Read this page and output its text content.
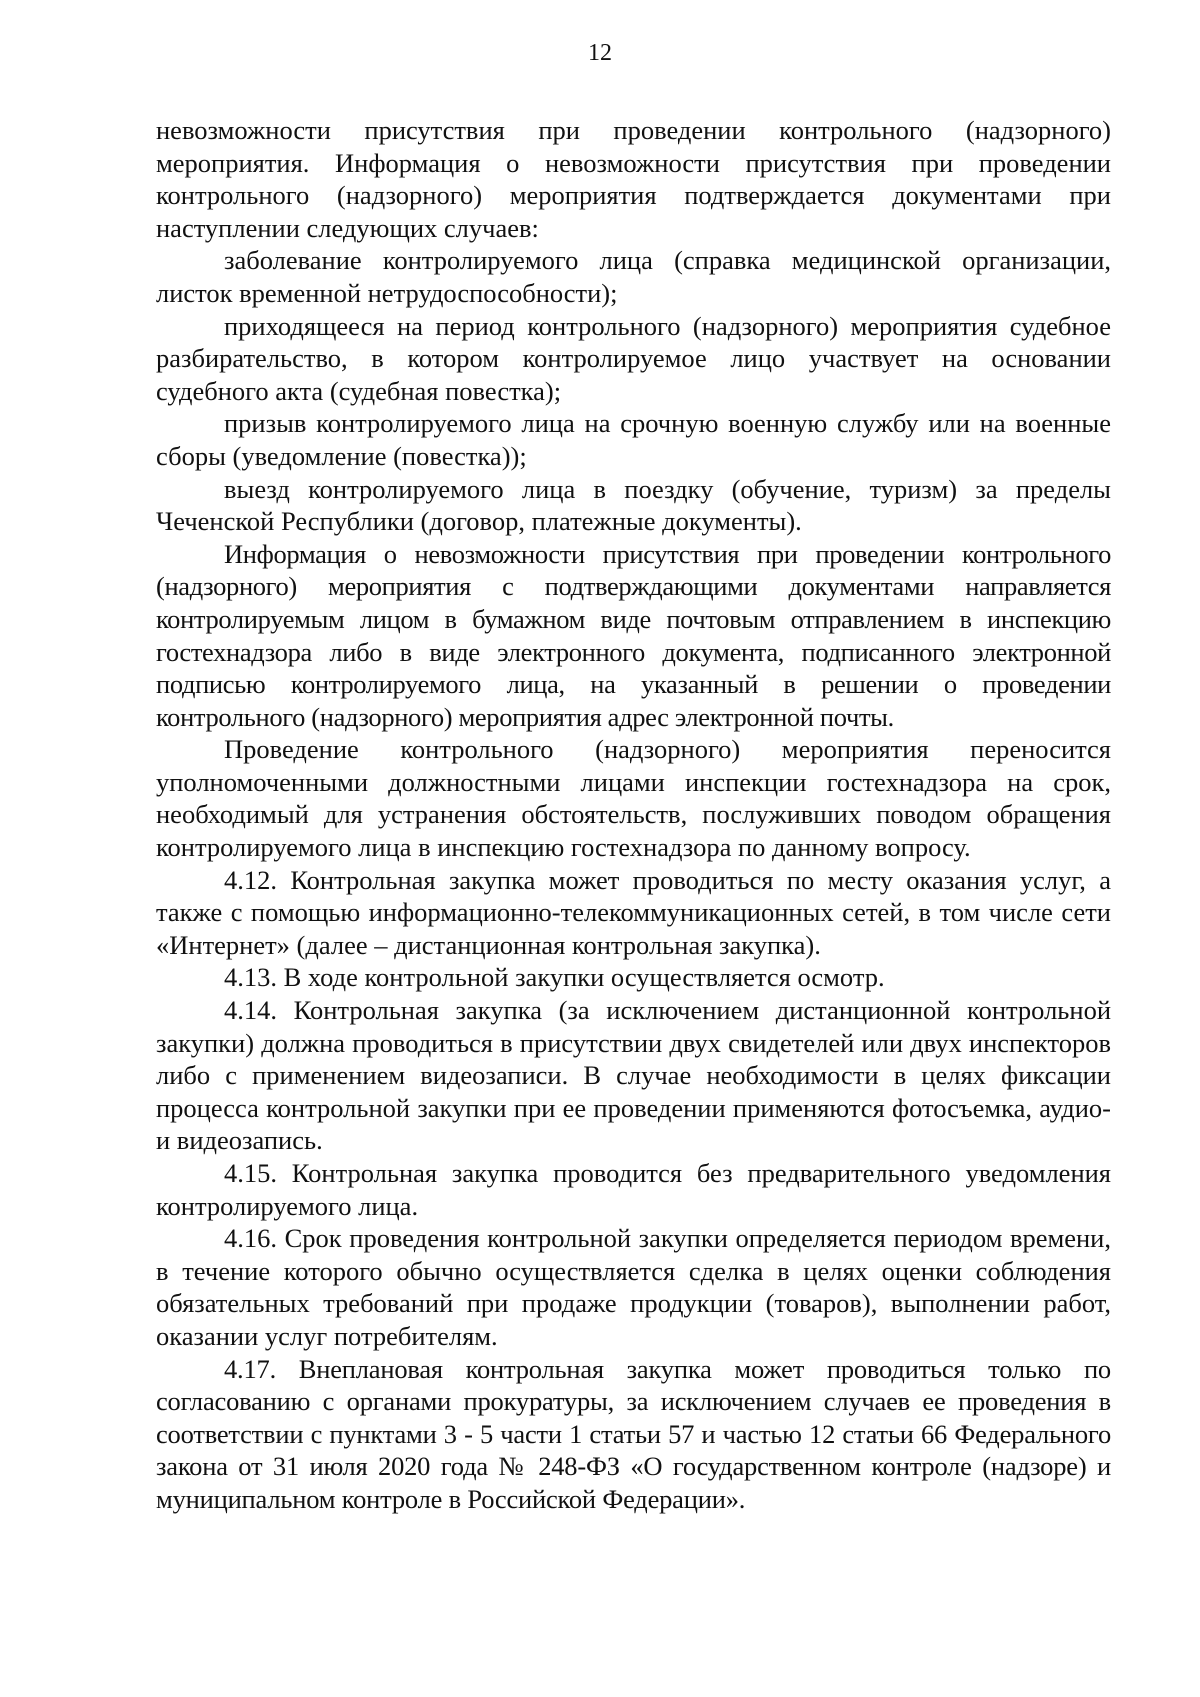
12

невозможности присутствия при проведении контрольного (надзорного) мероприятия. Информация о невозможности присутствия при проведении контрольного (надзорного) мероприятия подтверждается документами при наступлении следующих случаев:

заболевание контролируемого лица (справка медицинской организации, листок временной нетрудоспособности);

приходящееся на период контрольного (надзорного) мероприятия судебное разбирательство, в котором контролируемое лицо участвует на основании судебного акта (судебная повестка);

призыв контролируемого лица на срочную военную службу или на военные сборы (уведомление (повестка));

выезд контролируемого лица в поездку (обучение, туризм) за пределы Чеченской Республики (договор, платежные документы).

Информация о невозможности присутствия при проведении контрольного (надзорного) мероприятия с подтверждающими документами направляется контролируемым лицом в бумажном виде почтовым отправлением в инспекцию гостехнадзора либо в виде электронного документа, подписанного электронной подписью контролируемого лица, на указанный в решении о проведении контрольного (надзорного) мероприятия адрес электронной почты.

Проведение контрольного (надзорного) мероприятия переносится уполномоченными должностными лицами инспекции гостехнадзора на срок, необходимый для устранения обстоятельств, послуживших поводом обращения контролируемого лица в инспекцию гостехнадзора по данному вопросу.

4.12. Контрольная закупка может проводиться по месту оказания услуг, а также с помощью информационно-телекоммуникационных сетей, в том числе сети «Интернет» (далее – дистанционная контрольная закупка).

4.13. В ходе контрольной закупки осуществляется осмотр.

4.14. Контрольная закупка (за исключением дистанционной контрольной закупки) должна проводиться в присутствии двух свидетелей или двух инспекторов либо с применением видеозаписи. В случае необходимости в целях фиксации процесса контрольной закупки при ее проведении применяются фотосъемка, аудио- и видеозапись.

4.15. Контрольная закупка проводится без предварительного уведомления контролируемого лица.

4.16. Срок проведения контрольной закупки определяется периодом времени, в течение которого обычно осуществляется сделка в целях оценки соблюдения обязательных требований при продаже продукции (товаров), выполнении работ, оказании услуг потребителям.

4.17. Внеплановая контрольная закупка может проводиться только по согласованию с органами прокуратуры, за исключением случаев ее проведения в соответствии с пунктами 3 - 5 части 1 статьи 57 и частью 12 статьи 66 Федерального закона от 31 июля 2020 года № 248-ФЗ «О государственном контроле (надзоре) и муниципальном контроле в Российской Федерации».
